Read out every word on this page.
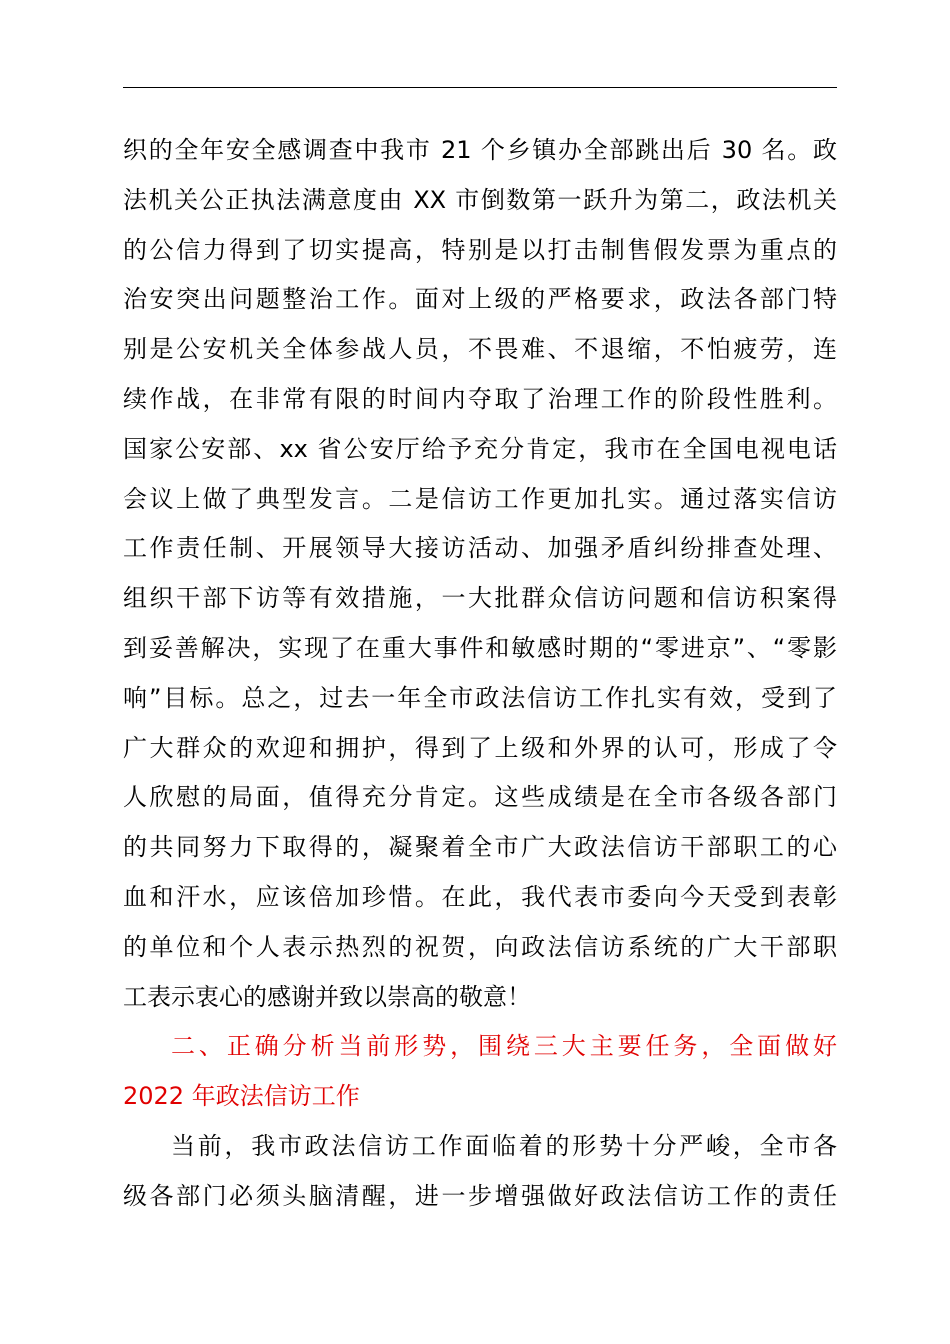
织的全年安全感调查中我市 21 个乡镇办全部跳出后 30 名。政
法机关公正执法满意度由 XX 市倒数第一跃升为第二，政法机关
的公信力得到了切实提高，特别是以打击制售假发票为重点的
治安突出问题整治工作。面对上级的严格要求，政法各部门特
别是公安机关全体参战人员，不畏难、不退缩，不怕疲劳，连
续作战，在非常有限的时间内夺取了治理工作的阶段性胜利。
国家公安部、xx 省公安厅给予充分肯定，我市在全国电视电话
会议上做了典型发言。二是信访工作更加扎实。通过落实信访
工作责任制、开展领导大接访活动、加强矛盾纠纷排查处理、
组织干部下访等有效措施，一大批群众信访问题和信访积案得
到妥善解决，实现了在重大事件和敏感时期的“零进京”、“零影
响”目标。总之，过去一年全市政法信访工作扎实有效，受到了
广大群众的欢迎和拥护，得到了上级和外界的认可，形成了令
人欣慰的局面，值得充分肯定。这些成绩是在全市各级各部门
的共同努力下取得的，凝聚着全市广大政法信访干部职工的心
血和汗水，应该倍加珍惜。在此，我代表市委向今天受到表彰
的单位和个人表示热烈的祝贺，向政法信访系统的广大干部职
工表示衷心的感谢并致以崇高的敬意！
二、正确分析当前形势，围绕三大主要任务，全面做好
2022 年政法信访工作
当前，我市政法信访工作面临着的形势十分严峻，全市各
级各部门必须头脑清醒，进一步增强做好政法信访工作的责任
